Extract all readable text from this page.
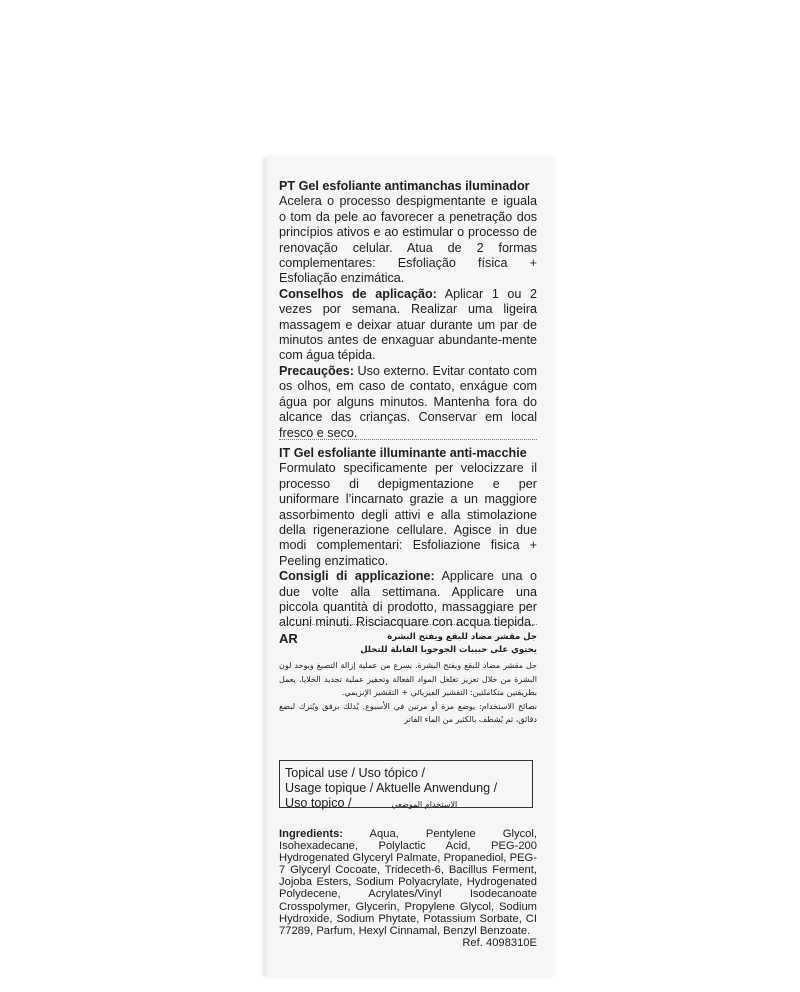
PT Gel esfoliante antimanchas iluminador

Acelera o processo despigmentante e iguala o tom da pele ao favorecer a penetração dos princípios ativos e ao estimular o processo de renovação celular. Atua de 2 formas complementares: Esfoliação física + Esfoliação enzimática.

Conselhos de aplicação: Aplicar 1 ou 2 vezes por semana. Realizar uma ligeira massagem e deixar atuar durante um par de minutos antes de enxaguar abundante-mente com água tépida.

Precauções: Uso externo. Evitar contato com os olhos, em caso de contato, enxágue com água por alguns minutos. Mantenha fora do alcance das crianças. Conservar em local fresco e seco.

IT Gel esfoliante illuminante anti-macchie

Formulato specificamente per velocizzare il processo di depigmentazione e per uniformare l’incarnato grazie a un maggiore assorbimento degli attivi e alla stimolazione della rigenerazione cellulare. Agisce in due modi complementari: Esfoliazione fisica + Peeling enzimatico.

Consigli di applicazione: Applicare una o due volte alla settimana. Applicare una piccola quantità di prodotto, massaggiare per alcuni minuti. Risciacquare con acqua tiepida.

AR	جل مقشر مضاد للبقع ويفتح البشرة
يحتوي على حبيبات الجوجوبا القابلة للتحلل
جل مقشر مضاد للبقع ويفتح البشرة. يسرع من عملية إزالة التصبغ ويوحد لون البشرة من خلال تعزيز تغلغل المواد الفعالة وتحفيز عملية تجديد الخلايا. يعمل بطريقتين متكاملتين: التقشير الفيزيائي + التقشير الإنزيمي.
نصائح الاستخدام: يوضع مرة أو مرتين في الأسبوع. يُدلك برفق ويُترك لبضع دقائق، ثم يُشطف بالكثير من الماء الفاتر
Topical use / Uso tópico /
Usage topique / Aktuelle Anwendung /
Uso topico /	الاستخدام الموضعي
Ingredients: Aqua, Pentylene Glycol, Isohexadecane, Polylactic Acid, PEG-200 Hydrogenated Glyceryl Palmate, Propanediol, PEG-7 Glyceryl Cocoate, Trideceth-6, Bacillus Ferment, Jojoba Esters, Sodium Polyacrylate, Hydrogenated Polydecene, Acrylates/Vinyl Isodecanoate Crosspolymer, Glycerin, Propylene Glycol, Sodium Hydroxide, Sodium Phytate, Potassium Sorbate, CI 77289, Parfum, Hexyl Cinnamal, Benzyl Benzoate.
Ref. 4098310E
